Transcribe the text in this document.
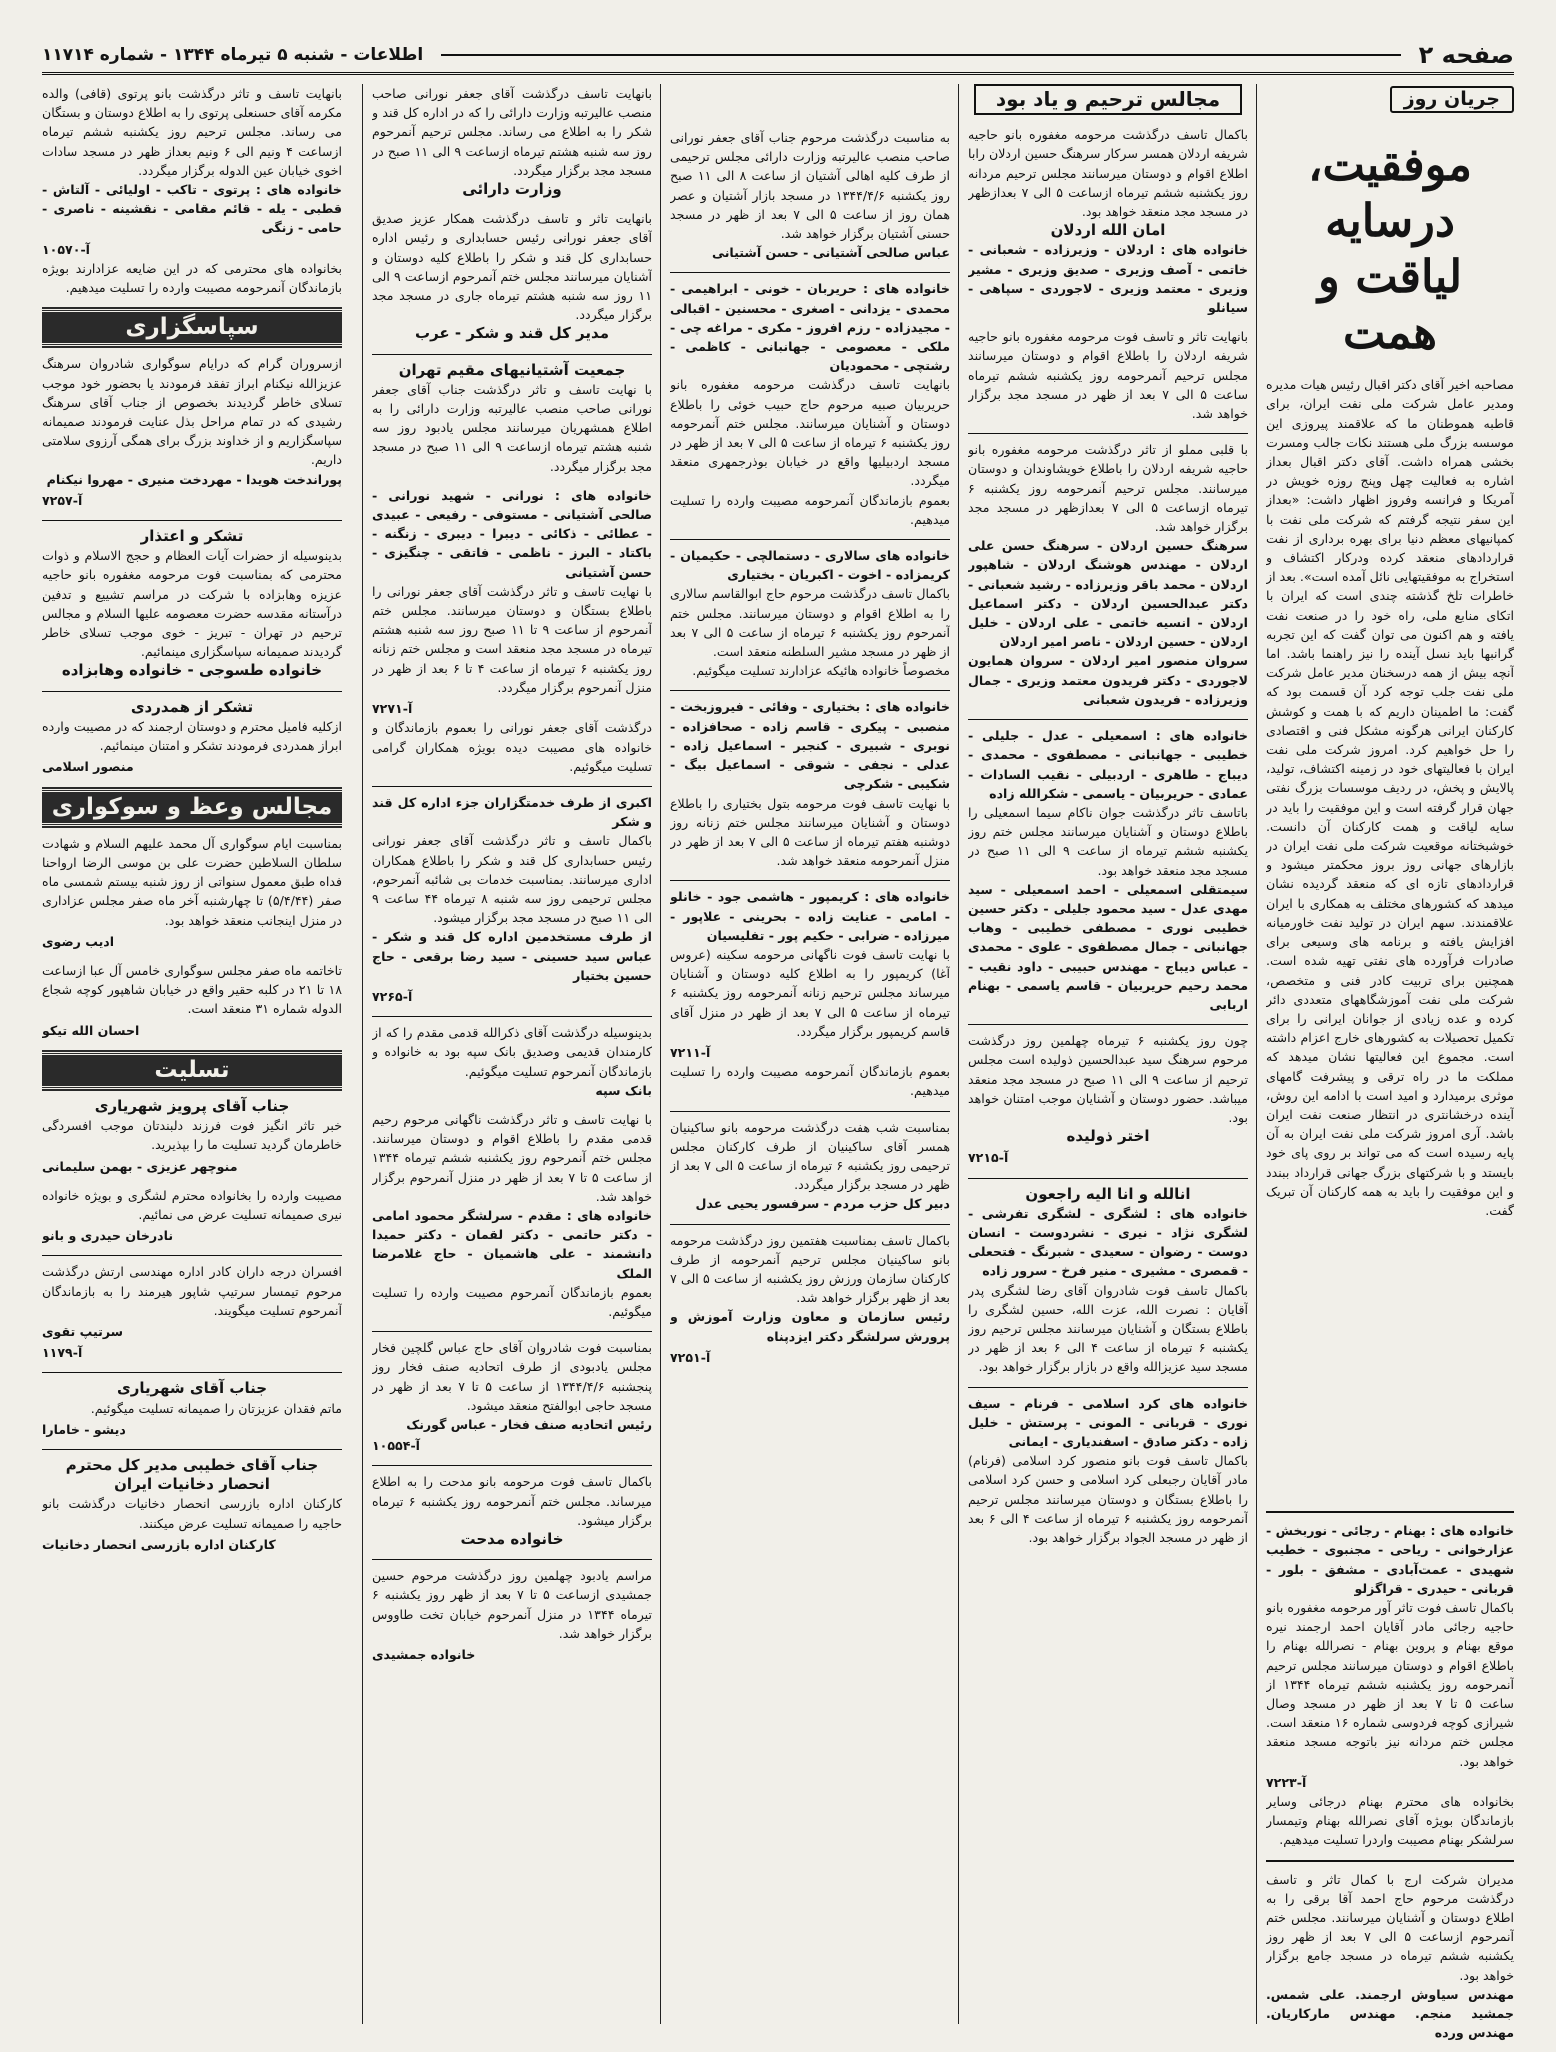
صفحه ۲
اطلاعات - شنبه ۵ تیرماه ۱۳۴۴ - شماره ۱۱۷۱۴
جریان روز
موفقیت، درسایه لیاقت و همت
مصاحبه اخیر آقای دکتر اقبال رئیس هیات مدیره ومدیر عامل شرکت ملی نفت ایران، برای قاطبه هموطنان ما که علاقمند پیروزی این موسسه بزرگ ملی هستند نکات جالب ومسرت بخشی همراه داشت. آقای دکتر اقبال بعداز اشاره به فعالیت چهل وپنج روزه خویش در آمریکا و فرانسه وفروز اظهار داشت: «بعداز این سفر نتیجه گرفتم که شرکت ملی نفت با کمپانیهای معظم دنیا برای بهره برداری از نفت قراردادهای منعقد کرده ودرکار اکتشاف و استخراج به موفقیتهایی نائل آمده است». بعد از خاطرات تلخ گذشته چندی است که ایران با اتکای منابع ملی، راه خود را در صنعت نفت یافته و هم اکنون می توان گفت که این تجربه گرانبها باید نسل آینده را نیز راهنما باشد. اما آنچه بیش از همه درسخنان مدیر عامل شرکت ملی نفت جلب توجه کرد آن قسمت بود که گفت: ما اطمینان داریم که با همت و کوشش کارکنان ایرانی هرگونه مشکل فنی و اقتصادی را حل خواهیم کرد. امروز شرکت ملی نفت ایران با فعالیتهای خود در زمینه اکتشاف، تولید، پالایش و پخش، در ردیف موسسات بزرگ نفتی جهان قرار گرفته است و این موفقیت را باید در سایه لیاقت و همت کارکنان آن دانست. خوشبختانه موقعیت شرکت ملی نفت ایران در بازارهای جهانی روز بروز محکمتر میشود و قراردادهای تازه ای که منعقد گردیده نشان میدهد که کشورهای مختلف به همکاری با ایران علاقمندند. سهم ایران در تولید نفت خاورمیانه افزایش یافته و برنامه های وسیعی برای صادرات فرآورده های نفتی تهیه شده است. همچنین برای تربیت کادر فنی و متخصص، شرکت ملی نفت آموزشگاههای متعددی دائر کرده و عده زیادی از جوانان ایرانی را برای تکمیل تحصیلات به کشورهای خارج اعزام داشته است. مجموع این فعالیتها نشان میدهد که مملکت ما در راه ترقی و پیشرفت گامهای موثری برمیدارد و امید است با ادامه این روش، آینده درخشانتری در انتظار صنعت نفت ایران باشد. آری امروز شرکت ملی نفت ایران به آن پایه رسیده است که می تواند بر روی پای خود بایستد و با شرکتهای بزرگ جهانی قرارداد ببندد و این موفقیت را باید به همه کارکنان آن تبریک گفت.

خانواده های : بهنام - رجائی - نوربخش - عزارخوانی - ریاحی - مجنبوی - خطیب شهیدی - عمت‌آبادی - مشفق - بلور - قربانی - حیدری - قراگزلو

باکمال تاسف فوت تاثر آور مرحومه مغفوره بانو حاجیه رجائی مادر آقایان احمد ارجمند نیره موقع بهنام و پروین بهنام - نصرالله بهنام را باطلاع اقوام و دوستان میرسانند مجلس ترحیم آنمرحومه روز یکشنبه ششم تیرماه ۱۳۴۴ از ساعت ۵ تا ۷ بعد از ظهر در مسجد وصال شیرازی کوچه فردوسی شماره ۱۶ منعقد است. مجلس ختم مردانه نیز باتوجه مسجد منعقد خواهد بود.

آ-۷۲۲۳

بخانواده های محترم بهنام درجائی وسایر بازماندگان بویژه آقای نصرالله بهنام وتیمسار سرلشکر بهنام مصیبت واردرا تسلیت میدهیم.

مدیران شرکت ارج با کمال تاثر و تاسف درگذشت مرحوم حاج احمد آقا برقی را به اطلاع دوستان و آشنایان میرسانند. مجلس ختم آنمرحوم ازساعت ۵ الی ۷ بعد از ظهر روز یکشنبه ششم تیرماه در مسجد جامع برگزار خواهد بود.

مهندس سیاوش ارجمند. علی شمس. جمشید منجم. مهندس مارکاریان. مهندس ورده

مجالس ترحیم و یاد بود

باکمال تاسف درگذشت مرحومه مغفوره بانو حاجیه شریفه اردلان همسر سرکار سرهنگ حسین اردلان رابا اطلاع اقوام و دوستان میرسانند مجلس ترحیم مردانه روز یکشنبه ششم تیرماه ازساعت ۵ الی ۷ بعدازظهر در مسجد مجد منعقد خواهد بود.

امان الله اردلان

خانواده های : اردلان - وزیرزاده - شعبانی - خاتمی - آصف وزیری - صدیق وزیری - مشیر وزیری - معتمد وزیری - لاجوردی - سپاهی - سیانلو

بانهایت تاثر و تاسف فوت مرحومه مغفوره بانو حاجیه شریفه اردلان را باطلاع اقوام و دوستان میرسانند مجلس ترحیم آنمرحومه روز یکشنبه ششم تیرماه ساعت ۵ الی ۷ بعد از ظهر در مسجد مجد برگزار خواهد شد.

با قلبی مملو از تاثر درگذشت مرحومه مغفوره بانو حاجیه شریفه اردلان را باطلاع خویشاوندان و دوستان میرسانند. مجلس ترحیم آنمرحومه روز یکشنبه ۶ تیرماه ازساعت ۵ الی ۷ بعدازظهر در مسجد مجد برگزار خواهد شد.

سرهنگ حسین اردلان - سرهنگ حسن علی اردلان - مهندس هوشنگ اردلان - شاهپور اردلان - محمد باقر وزیرزاده - رشید شعبانی - دکتر عبدالحسین اردلان - دکتر اسماعیل اردلان - انسیه خاتمی - علی اردلان - خلیل اردلان - حسین اردلان - ناصر امیر اردلان

سروان منصور امیر اردلان - سروان همایون لاجوردی - دکتر فریدون معتمد وزیری - جمال وزیرزاده - فریدون شعبانی

خانواده های : اسمعیلی - عدل - جلیلی - خطیبی - جهانبانی - مصطفوی - محمدی - دیباج - طاهری - اردبیلی - نقیب السادات - عمادی - حریربیان - یاسمی - شکرالله زاده

باتاسف تاثر درگذشت جوان ناکام سیما اسمعیلی را باطلاع دوستان و آشنایان میرسانند مجلس ختم روز یکشنبه ششم تیرماه از ساعت ۹ الی ۱۱ صبح در مسجد مجد منعقد خواهد بود.

سیمتقلی اسمعیلی - احمد اسمعیلی - سید مهدی عدل - سید محمود جلیلی - دکتر حسین خطیبی نوری - مصطفی خطیبی - وهاب جهانبانی - جمال مصطفوی - علوی - محمدی - عباس دیباج - مهندس حبیبی - داود نقیب - محمد رحیم حریربیان - قاسم یاسمی - بهنام اربابی

چون روز یکشنبه ۶ تیرماه چهلمین روز درگذشت مرحوم سرهنگ سید عبدالحسین ذولیده است مجلس ترحیم از ساعت ۹ الی ۱۱ صبح در مسجد مجد منعقد میباشد. حضور دوستان و آشنایان موجب امتنان خواهد بود.

اختر ذولیده

آ-۷۲۱۵

انالله و انا الیه راجعون

خانواده های : لشگری - لشگری تفرشی - لشگری نژاد - نیری - نشردوست - انسان دوست - رضوان - سعیدی - شبرنگ - فتحعلی - قمصری - مشیری - منیر فرخ - سرور زاده

باکمال تاسف فوت شادروان آقای رضا لشگری پدر آقایان : نصرت الله، عزت الله، حسین لشگری را باطلاع بستگان و آشنایان میرسانند مجلس ترحیم روز یکشنبه ۶ تیرماه از ساعت ۴ الی ۶ بعد از ظهر در مسجد سید عزیزالله واقع در بازار برگزار خواهد بود.

خانواده های کرد اسلامی - فرنام - سیف نوری - قربانی - المونی - پرستش - خلیل زاده - دکتر صادق - اسفندیاری - ایمانی

باکمال تاسف فوت بانو منصور کرد اسلامی (فرنام) مادر آقایان رجبعلی کرد اسلامی و حسن کرد اسلامی را باطلاع بستگان و دوستان میرسانند مجلس ترحیم آنمرحومه روز یکشنبه ۶ تیرماه از ساعت ۴ الی ۶ بعد از ظهر در مسجد الجواد برگزار خواهد بود.

به مناسبت درگذشت مرحوم جناب آقای جعفر نورانی صاحب منصب عالیرتبه وزارت دارائی مجلس ترحیمی از طرف کلیه اهالی آشتیان از ساعت ۸ الی ۱۱ صبح روز یکشنبه ۱۳۴۴/۴/۶ در مسجد بازار آشتیان و عصر همان روز از ساعت ۵ الی ۷ بعد از ظهر در مسجد حسنی آشتیان برگزار خواهد شد.

عباس صالحی آشتیانی - حسن آشتیانی

خانواده های : حریربان - خونی - ابراهیمی - محمدی - یزدانی - اصغری - محسنین - اقبالی - مجیدزاده - رزم افروز - مکری - مراغه چی - ملکی - معصومی - جهانبانی - کاظمی - رشتچی - محمودیان

بانهایت تاسف درگذشت مرحومه مغفوره بانو حریربیان صبیه مرحوم حاج حبیب خوئی را باطلاع دوستان و آشنایان میرسانند. مجلس ختم آنمرحومه روز یکشنبه ۶ تیرماه از ساعت ۵ الی ۷ بعد از ظهر در مسجد اردبیلیها واقع در خیابان بوذرجمهری منعقد میگردد.

بعموم بازماندگان آنمرحومه مصیبت وارده را تسلیت میدهیم.

خانواده های سالاری - دستمالچی - حکیمیان - کریمزاده - اخوت - اکبریان - بختیاری

باکمال تاسف درگذشت مرحوم حاج ابوالقاسم سالاری را به اطلاع اقوام و دوستان میرسانند. مجلس ختم آنمرحوم روز یکشنبه ۶ تیرماه از ساعت ۵ الی ۷ بعد از ظهر در مسجد مشیر السلطنه منعقد است.

مخصوصاً خانواده هائیکه عزادارند تسلیت میگوئیم.

خانواده های : بختیاری - وفائی - فیروزبخت - منصبی - پیکری - قاسم زاده - صحافزاده - نوبری - شبیری - کنجبر - اسماعیل زاده - عدلی - نجفی - شوقی - اسماعیل بیگ - شکیبی - شکرچی

با نهایت تاسف فوت مرحومه بتول بختیاری را باطلاع دوستان و آشنایان میرسانند مجلس ختم زنانه روز دوشنبه هفتم تیرماه از ساعت ۵ الی ۷ بعد از ظهر در منزل آنمرحومه منعقد خواهد شد.

خانواده های : کریمپور - هاشمی جود - خانلو - امامی - عنایت زاده - بحرینی - علاپور - میرزاده - ضرابی - حکیم پور - تفلیسیان

با نهایت تاسف فوت ناگهانی مرحومه سکینه (عروس آغا) کریمپور را به اطلاع کلیه دوستان و آشنایان میرساند مجلس ترحیم زنانه آنمرحومه روز یکشنبه ۶ تیرماه از ساعت ۵ الی ۷ بعد از ظهر در منزل آقای قاسم کریمپور برگزار میگردد.

آ-۷۲۱۱

بعموم بازماندگان آنمرحومه مصیبت وارده را تسلیت میدهیم.

بمناسبت شب هفت درگذشت مرحومه بانو ساکینیان همسر آقای ساکینیان از طرف کارکنان مجلس ترحیمی روز یکشنبه ۶ تیرماه از ساعت ۵ الی ۷ بعد از ظهر در مسجد برگزار میگردد.

دبیر کل حزب مردم - سرفسور یحیی عدل

باکمال تاسف بمناسبت هفتمین روز درگذشت مرحومه بانو ساکینیان مجلس ترحیم آنمرحومه از طرف کارکنان سازمان ورزش روز یکشنبه از ساعت ۵ الی ۷ بعد از ظهر برگزار خواهد شد.

رئیس سازمان و معاون وزارت آموزش و پرورش سرلشگر دکتر ایزدپناه

آ-۷۲۵۱

بانهایت تاسف درگذشت آقای جعفر نورانی صاحب منصب عالیرتبه وزارت دارائی را که در اداره کل قند و شکر را به اطلاع می رساند. مجلس ترحیم آنمرحوم روز سه شنبه هشتم تیرماه ازساعت ۹ الی ۱۱ صبح در مسجد مجد برگزار میگردد.

وزارت دارائی

بانهایت تاثر و تاسف درگذشت همکار عزیز صدیق آقای جعفر نورانی رئیس حسابداری و رئیس اداره حسابداری کل قند و شکر را باطلاع کلیه دوستان و آشنایان میرسانند مجلس ختم آنمرحوم ازساعت ۹ الی ۱۱ روز سه شنبه هشتم تیرماه جاری در مسجد مجد برگزار میگردد.

مدیر کل قند و شکر - عرب

جمعیت آشتیانیهای مقیم تهران

با نهایت تاسف و تاثر درگذشت جناب آقای جعفر نورانی صاحب منصب عالیرتبه وزارت دارائی را به اطلاع همشهریان میرسانند مجلس یادبود روز سه شنبه هشتم تیرماه ازساعت ۹ الی ۱۱ صبح در مسجد مجد برگزار میگردد.

خانواده های : نورانی - شهید نورانی - صالحی آشتیانی - مستوفی - رفیعی - عبیدی - عطائی - ذکائی - دیبرا - دیبری - زنگنه - باکتاد - البرز - ناظمی - فاتقی - چنگیزی - حسن آشتیانی

با نهایت تاسف و تاثر درگذشت آقای جعفر نورانی را باطلاع بستگان و دوستان میرسانند. مجلس ختم آنمرحوم از ساعت ۹ تا ۱۱ صبح روز سه شنبه هشتم تیرماه در مسجد مجد منعقد است و مجلس ختم زنانه روز یکشنبه ۶ تیرماه از ساعت ۴ تا ۶ بعد از ظهر در منزل آنمرحوم برگزار میگردد.

آ-۷۲۷۱

درگذشت آقای جعفر نورانی را بعموم بازماندگان و خانواده های مصیبت دیده بویژه همکاران گرامی تسلیت میگوئیم.

اکبری از طرف خدمتگزاران جزء اداره کل قند و شکر

باکمال تاسف و تاثر درگذشت آقای جعفر نورانی رئیس حسابداری کل قند و شکر را باطلاع همکاران اداری میرسانند. بمناسبت خدمات بی شائبه آنمرحوم، مجلس ترحیمی روز سه شنبه ۸ تیرماه ۴۴ ساعت ۹ الی ۱۱ صبح در مسجد مجد برگزار میشود.

از طرف مستخدمین اداره کل قند و شکر - عباس سید حسینی - سید رضا برقعی - حاج حسین بختیار

آ-۷۲۶۵

بدینوسیله درگذشت آقای ذکرالله قدمی مقدم را که از کارمندان قدیمی وصدیق بانک سپه بود به خانواده و بازماندگان آنمرحوم تسلیت میگوئیم.

بانک سپه

با نهایت تاسف و تاثر درگذشت ناگهانی مرحوم رحیم قدمی مقدم را باطلاع اقوام و دوستان میرسانند. مجلس ختم آنمرحوم روز یکشنبه ششم تیرماه ۱۳۴۴ از ساعت ۵ تا ۷ بعد از ظهر در منزل آنمرحوم برگزار خواهد شد.

خانواده های : مقدم - سرلشگر محمود امامی - دکتر حاتمی - دکتر لقمان - دکتر حمیدا دانشمند - علی هاشمیان - حاج غلامرضا الملک

بعموم بازماندگان آنمرحوم مصیبت وارده را تسلیت میگوئیم.

بمناسبت فوت شادروان آقای حاج عباس گلچین فخار مجلس یادبودی از طرف اتحادیه صنف فخار روز پنجشنبه ۱۳۴۴/۴/۶ از ساعت ۵ تا ۷ بعد از ظهر در مسجد حاجی ابوالفتح منعقد میشود.

رئیس اتحادیه صنف فخار - عباس گورنک

آ-۱۰۵۵۴

باکمال تاسف فوت مرحومه بانو مدحت را به اطلاع میرساند. مجلس ختم آنمرحومه روز یکشنبه ۶ تیرماه برگزار میشود.

خانواده مدحت

مراسم یادبود چهلمین روز درگذشت مرحوم حسین جمشیدی ازساعت ۵ تا ۷ بعد از ظهر روز یکشنبه ۶ تیرماه ۱۳۴۴ در منزل آنمرحوم خیابان تخت طاووس برگزار خواهد شد.

خانواده جمشیدی

بانهایت تاسف و تاثر درگذشت بانو پرتوی (قافی) والده مکرمه آقای حسنعلی پرتوی را به اطلاع دوستان و بستگان می رساند. مجلس ترحیم روز یکشنبه ششم تیرماه ازساعت ۴ ونیم الی ۶ ونیم بعداز ظهر در مسجد سادات اخوی خیابان عین الدوله برگزار میگردد.

خانواده های : پرتوی - تاکب - اولیائی - آلتاش - قطبی - یله - قائم مقامی - نقشینه - ناصری - حامی - زنگی

آ-۱۰۵۷۰

بخانواده های محترمی که در این ضایعه عزادارند بویژه بازماندگان آنمرحومه مصیبت وارده را تسلیت میدهیم.

سپاسگزاری

ازسروران گرام که درایام سوگواری شادروان سرهنگ عزیزالله نیکنام ابراز تفقد فرمودند یا بحضور خود موجب تسلای خاطر گردیدند بخصوص از جناب آقای سرهنگ رشیدی که در تمام مراحل بذل عنایت فرمودند صمیمانه سپاسگزاریم و از خداوند بزرگ برای همگی آرزوی سلامتی داریم.

پوراندخت هویدا - مهردخت منیری - مهروا نیکنام

آ-۷۲۵۷

تشکر و اعتذار

بدینوسیله از حضرات آیات العظام و حجج الاسلام و ذوات محترمی که بمناسبت فوت مرحومه مغفوره بانو حاجیه عزیزه وهابزاده با شرکت در مراسم تشییع و تدفین درآستانه مقدسه حضرت معصومه علیها السلام و مجالس ترحیم در تهران - تبریز - خوی موجب تسلای خاطر گردیدند صمیمانه سپاسگزاری مینمائیم.

خانواده طسوجی - خانواده وهابزاده

تشکر از همدردی

ازکلیه فامیل محترم و دوستان ارجمند که در مصیبت وارده ابراز همدردی فرمودند تشکر و امتنان مینمائیم.

منصور اسلامی

مجالس وعظ و سوکواری

بمناسبت ایام سوگواری آل محمد علیهم السلام و شهادت سلطان السلاطین حضرت علی بن موسی الرضا ارواحنا فداه طبق معمول سنواتی از روز شنبه بیستم شمسی ماه صفر (۵/۴/۴۴) تا چهارشنبه آخر ماه صفر مجلس عزاداری در منزل اینجانب منعقد خواهد بود.

ادیب رضوی

تاخاتمه ماه صفر مجلس سوگواری خامس آل عبا ازساعت ۱۸ تا ۲۱ در کلبه حقیر واقع در خیابان شاهپور کوچه شجاع الدوله شماره ۳۱ منعقد است.

احسان الله تیکو

تسلیت

جناب آقای پرویز شهریاری

خبر تاثر انگیز فوت فرزند دلبندتان موجب افسردگی خاطرمان گردید تسلیت ما را بپذیرید.

منوچهر عزیزی - بهمن سلیمانی

مصیبت وارده را بخانواده محترم لشگری و بویژه خانواده نیری صمیمانه تسلیت عرض می نمائیم.

نادرخان حیدری و بانو

افسران درجه داران کادر اداره مهندسی ارتش درگذشت مرحوم تیمسار سرتیپ شاپور هیرمند را به بازماندگان آنمرحوم تسلیت میگویند.

سرتیپ تقوی

آ-۱۱۷۹

جناب آقای شهریاری

ماتم فقدان عزیزتان را صمیمانه تسلیت میگوئیم.

دیشو - خامارا

جناب آقای خطیبی مدیر کل محترم انحصار دخانیات ایران

کارکنان اداره بازرسی انحصار دخانیات درگذشت بانو حاجیه را صمیمانه تسلیت عرض میکنند.

کارکنان اداره بازرسی انحصار دخانیات
